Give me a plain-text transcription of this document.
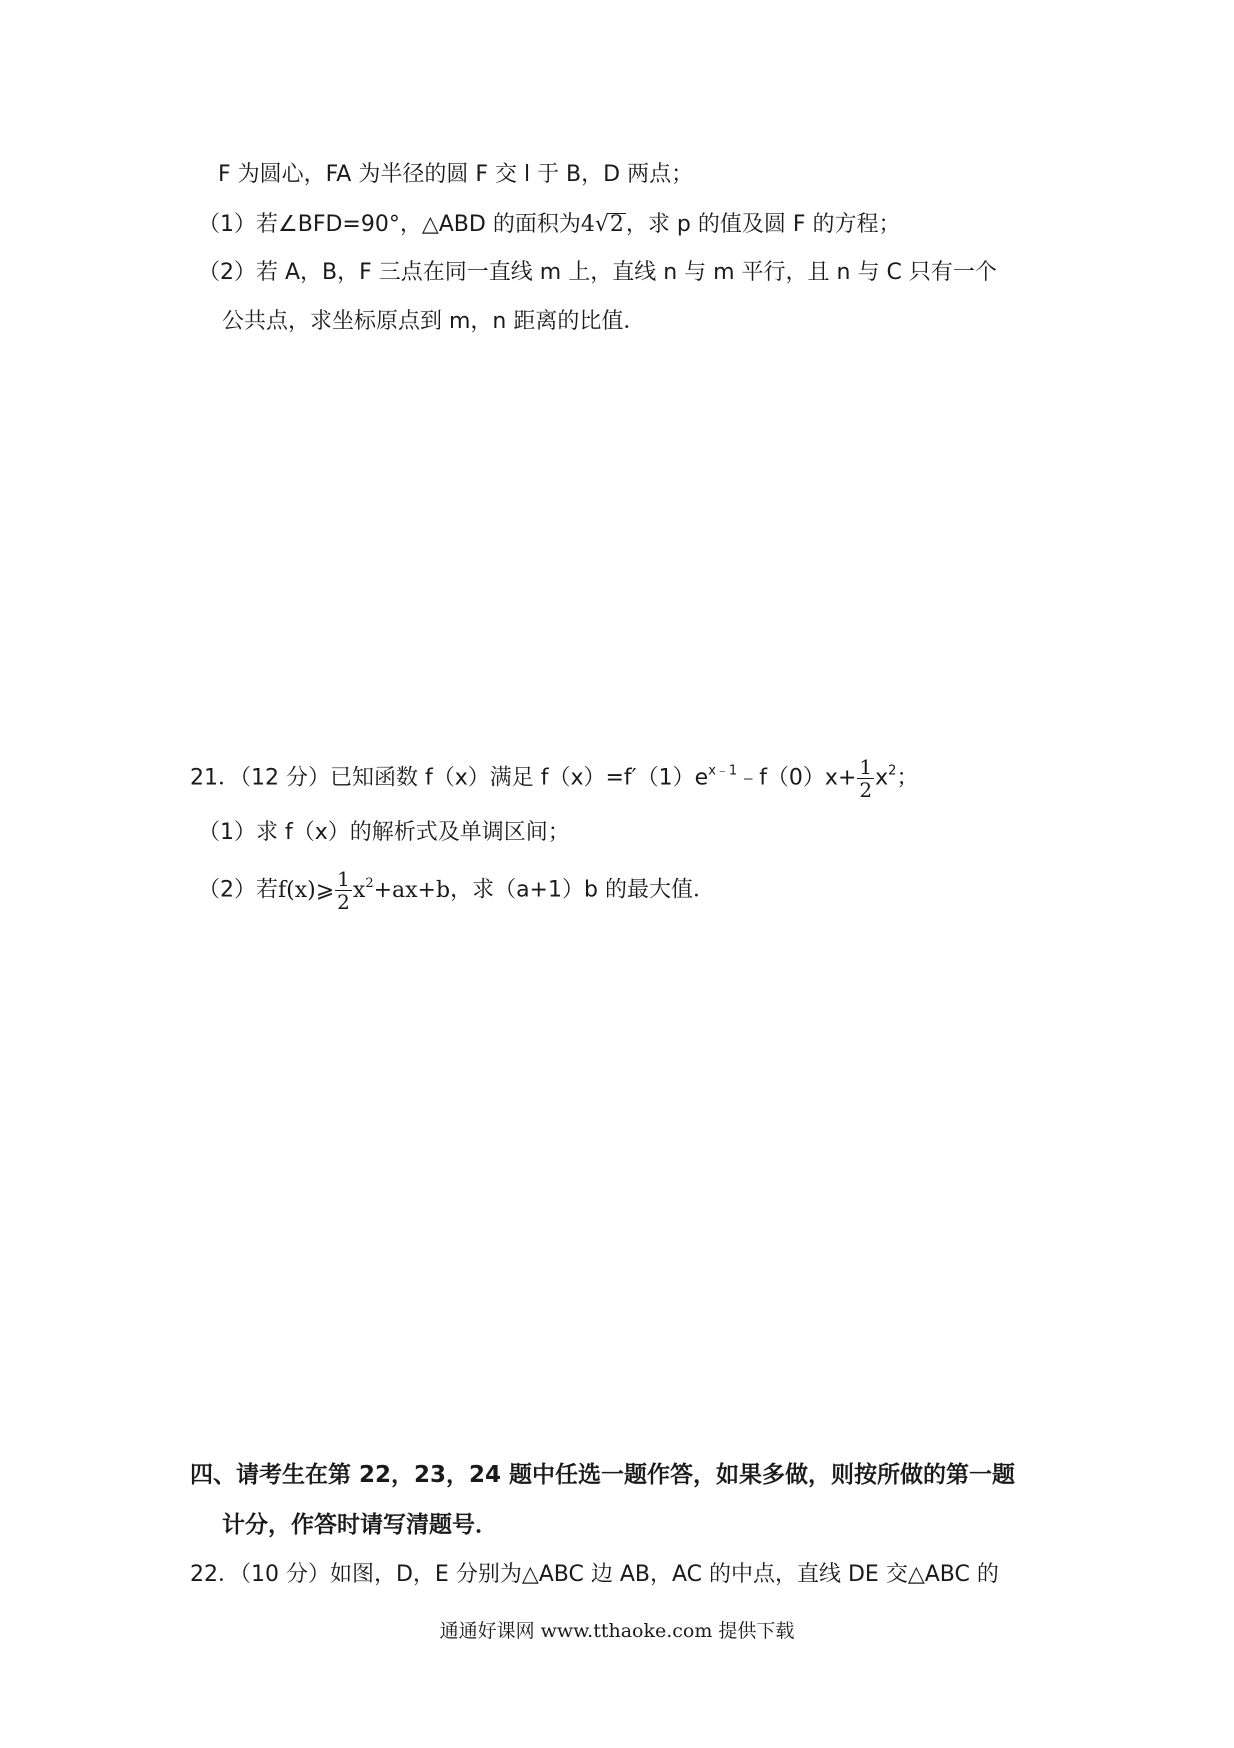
F 为圆心，FA 为半径的圆 F 交 l 于 B，D 两点；
（1）若∠BFD=90°，△ABD 的面积为4√2，求 p 的值及圆 F 的方程；
（2）若 A，B，F 三点在同一直线 m 上，直线 n 与 m 平行，且 n 与 C 只有一个
公共点，求坐标原点到 m，n 距离的比值．
21．（12 分）已知函数 f（x）满足 $f(x)=f'(1)e^{x﹣1}﹣f(0)x+ \frac{1}{2} x^2$；
（1）求 f（x）的解析式及单调区间；
（2）若f(x)⩾ $\frac{1}{2} x^2+ax+b$，求（a+1）b 的最大值．
四、请考生在第 22，23，24 题中任选一题作答，如果多做，则按所做的第一题
计分，作答时请写清题号．
22．（10 分）如图，D，E 分别为△ABC 边 AB，AC 的中点，直线 DE 交△ABC 的
通通好课网 www.tthaoke.com 提供下载
